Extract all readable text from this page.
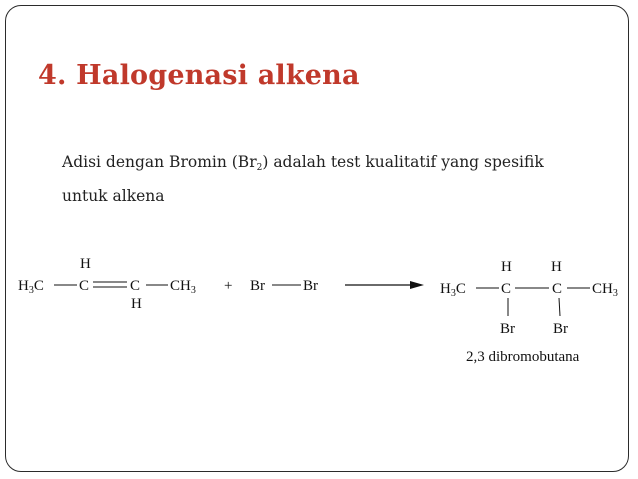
4. Halogenasi alkena
Adisi dengan Bromin $(Br_2)$ adalah test kualitatif yang spesifik
untuk alkena
H
$H_3C$ C	C $CH_3$
H
+ Br	Br
H	H
$H_3C$ C	C $CH_3$
Br	Br
2,3 dibromobutana
